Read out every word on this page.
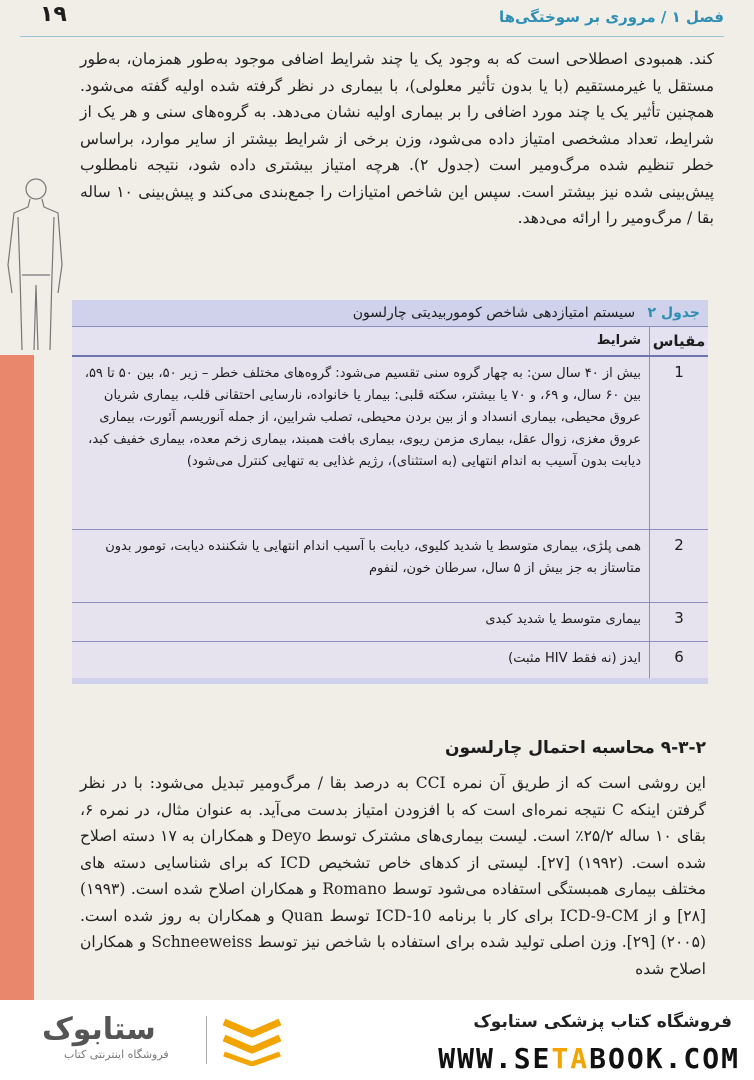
۱۹	فصل ۱ / مروری بر سوختگی‌ها
کند. همبودی اصطلاحی است که به وجود یک یا چند شرایط اضافی موجود به‌طور همزمان، به‌طور مستقل یا غیرمستقیم (با یا بدون تأثیر معلولی)، با بیماری در نظر گرفته شده اولیه گفته می‌شود. همچنین تأثیر یک یا چند مورد اضافی را بر بیماری اولیه نشان می‌دهد. به گروه‌های سنی و هر یک از شرایط، تعداد مشخصی امتیاز داده می‌شود، وزن برخی از شرایط بیشتر از سایر موارد، براساس خطر تنظیم شده مرگ‌ومیر است (جدول ۲). هرچه امتیاز بیشتری داده شود، نتیجه نامطلوب پیش‌بینی شده نیز بیشتر است. سپس این شاخص امتیازات را جمع‌بندی می‌کند و پیش‌بینی ۱۰ ساله بقا / مرگ‌ومیر را ارائه می‌دهد.
جدول ۲ سیستم امتیازدهی شاخص کوموربیدیتی چارلسون
مقیاس
شرایط
1
بیش از ۴۰ سال سن: به چهار گروه سنی تقسیم می‌شود: گروه‌های مختلف خطر – زیر ۵۰، بین ۵۰ تا ۵۹، بین ۶۰ سال، و ۶۹، و ۷۰ یا بیشتر، سکته قلبی: بیمار یا خانواده، نارسایی احتقانی قلب، بیماری شریان عروق محیطی، بیماری انسداد و از بین بردن محیطی، تصلب شرایین، از جمله آنوریسم آئورت، بیماری عروق مغزی، زوال عقل، بیماری مزمن ریوی، بیماری بافت همبند، بیماری زخم معده، بیماری خفیف کبد، دیابت بدون آسیب به اندام انتهایی (به استثنای)، رژیم غذایی به تنهایی کنترل می‌شود)
2
همی پلژی، بیماری متوسط یا شدید کلیوی، دیابت با آسیب اندام انتهایی یا شکننده دیابت، تومور بدون متاستاز به جز بیش از ۵ سال، سرطان خون، لنفوم
3
بیماری متوسط یا شدید کبدی
6
ایدز (نه فقط HIV مثبت)
۹-۳-۲ محاسبه احتمال چارلسون
این روشی است که از طریق آن نمره CCI به درصد بقا / مرگ‌ومیر تبدیل می‌شود: با در نظر گرفتن اینکه C نتیجه نمره‌ای است که با افزودن امتیاز بدست می‌آید. به عنوان مثال، در نمره ۶، بقای ۱۰ ساله ۲۵/۲٪ است. لیست بیماری‌های مشترک توسط Deyo و همکاران به ۱۷ دسته اصلاح شده است. (۱۹۹۲) [۲۷]. لیستی از کدهای خاص تشخیص ICD که برای شناسایی دسته های مختلف بیماری همبستگی استفاده می‌شود توسط Romano و همکاران اصلاح شده است. (۱۹۹۳) [۲۸] و از ICD-9-CM برای کار با برنامه ICD-10 توسط Quan و همکاران به روز شده است. (۲۰۰۵) [۲۹]. وزن اصلی تولید شده برای استفاده با شاخص نیز توسط Schneeweiss و همکاران اصلاح شده
ستابوک
فروشگاه اینترنتی کتاب
فروشگاه کتاب پزشکی ستابوک
WWW.SETABOOK.COM
